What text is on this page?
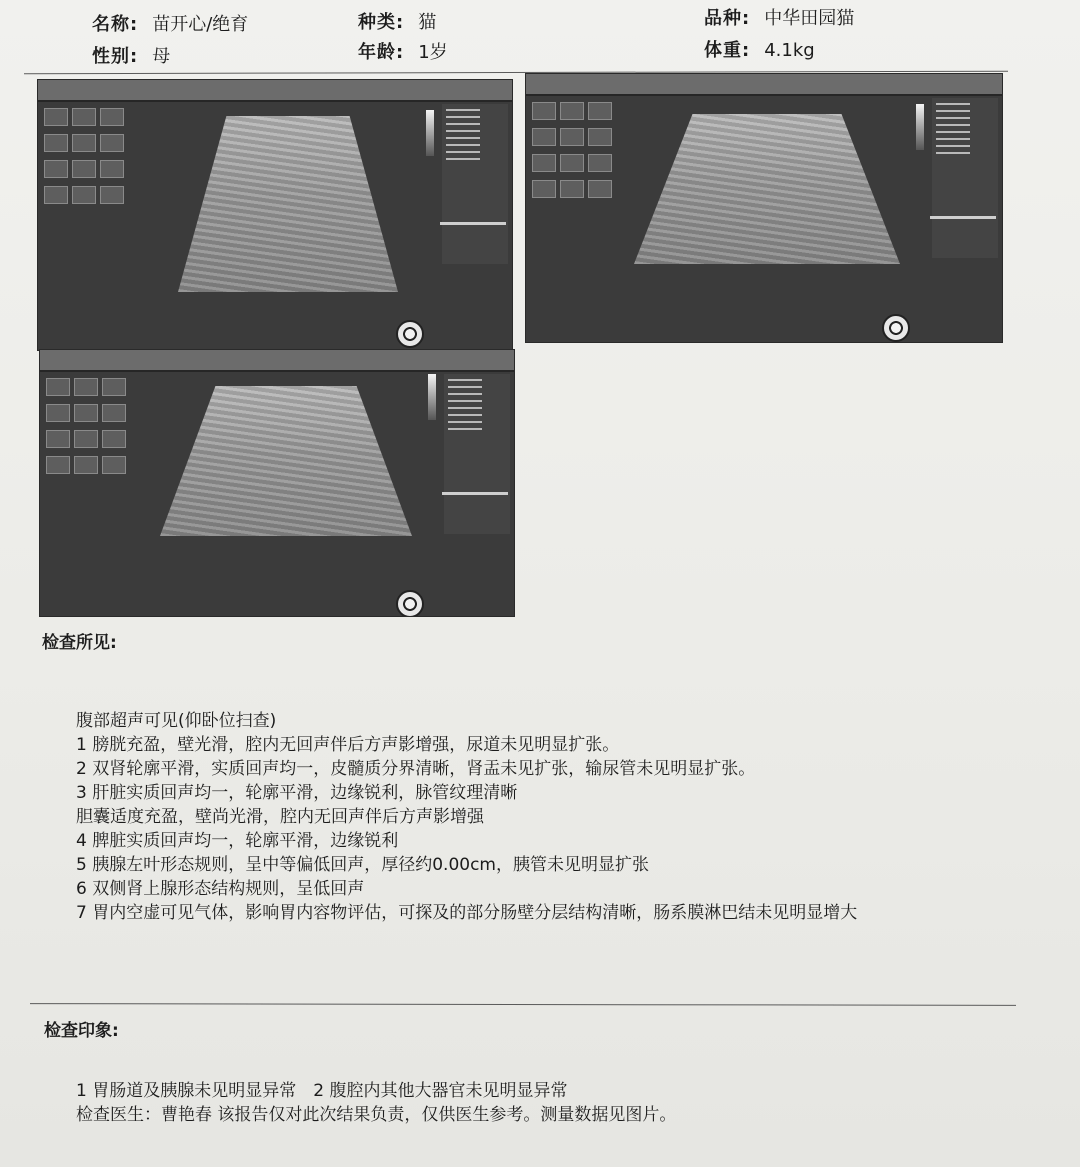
名称: 苗开心/绝育	种类: 猫	品种: 中华田园猫
性别: 母	年龄: 1岁	体重: 4.1kg

检查所见:
腹部超声可见(仰卧位扫查)
1 膀胱充盈，壁光滑，腔内无回声伴后方声影增强，尿道未见明显扩张。
2 双肾轮廓平滑，实质回声均一，皮髓质分界清晰，肾盂未见扩张，输尿管未见明显扩张。
3 肝脏实质回声均一，轮廓平滑，边缘锐利，脉管纹理清晰
胆囊适度充盈，壁尚光滑，腔内无回声伴后方声影增强
4 脾脏实质回声均一，轮廓平滑，边缘锐利
5 胰腺左叶形态规则，呈中等偏低回声，厚径约0.00cm，胰管未见明显扩张
6 双侧肾上腺形态结构规则，呈低回声
7 胃内空虚可见气体，影响胃内容物评估，可探及的部分肠壁分层结构清晰，肠系膜淋巴结未见明显增大
检查印象:
1 胃肠道及胰腺未见明显异常　2 腹腔内其他大器官未见明显异常
检查医生：曹艳春 该报告仅对此次结果负责，仅供医生参考。测量数据见图片。
